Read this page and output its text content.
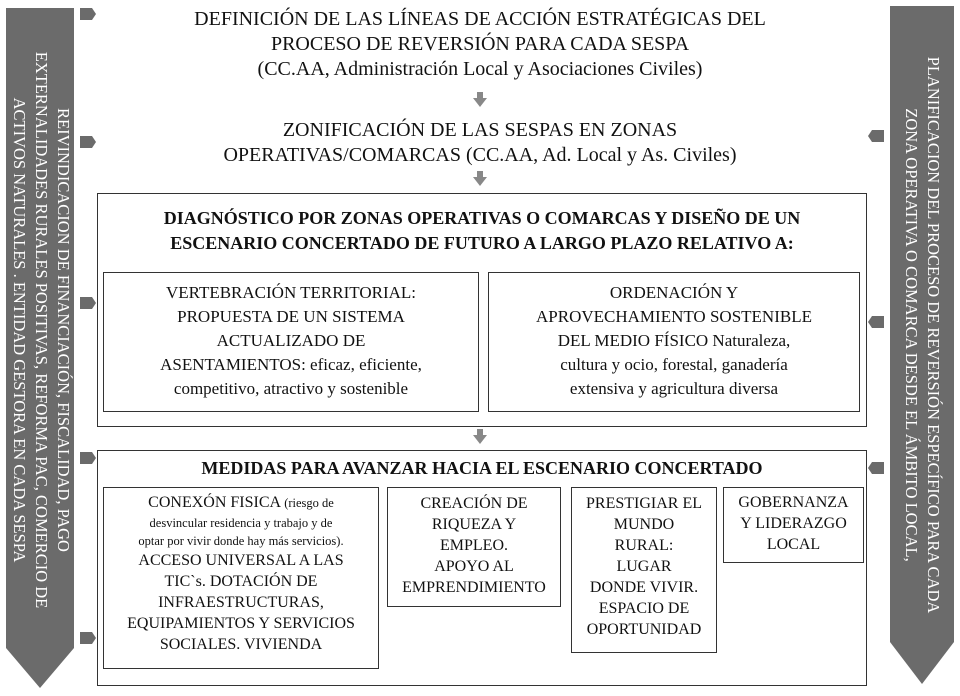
REIVINDICACION DE FINANCIACIÓN, FISCALIDAD, PAGO
EXTERNALIDADES RURALES POSITIVAS, REFORMA PAC, COMERCIO DE
ACTIVOS NATURALES . ENTIDAD GESTORA EN CADA SESPA	PLANIFICACION DEL PROCESO DE REVERSIÓN ESPECÍFICO PARA CADA
ZONA OPERATIVA O COMARCA DESDE EL ÁMBITO LOCAL,
DEFINICIÓN DE LAS LÍNEAS DE ACCIÓN ESTRATÉGICAS DEL
PROCESO DE REVERSIÓN PARA CADA SESPA
(CC.AA, Administración Local y Asociaciones Civiles)
ZONIFICACIÓN DE LAS SESPAS EN ZONAS
OPERATIVAS/COMARCAS (CC.AA, Ad. Local y As. Civiles)
DIAGNÓSTICO POR ZONAS OPERATIVAS O COMARCAS Y DISEÑO DE UN
ESCENARIO CONCERTADO DE FUTURO A LARGO PLAZO RELATIVO A:
VERTEBRACIÓN TERRITORIAL:
PROPUESTA DE UN SISTEMA
ACTUALIZADO DE
ASENTAMIENTOS: eficaz, eficiente,
competitivo, atractivo y sostenible
ORDENACIÓN Y
APROVECHAMIENTO SOSTENIBLE
DEL MEDIO FÍSICO Naturaleza,
cultura y ocio, forestal, ganadería
extensiva y agricultura diversa
MEDIDAS PARA AVANZAR HACIA EL ESCENARIO CONCERTADO
CONEXÓN FISICA (riesgo de
desvincular residencia y trabajo y de
optar por vivir donde hay más servicios).
ACCESO UNIVERSAL A LAS
TIC`s. DOTACIÓN DE
INFRAESTRUCTURAS,
EQUIPAMIENTOS Y SERVICIOS
SOCIALES. VIVIENDA
CREACIÓN DE
RIQUEZA Y
EMPLEO.
APOYO AL
EMPRENDIMIENTO
PRESTIGIAR EL
MUNDO
RURAL:
LUGAR
DONDE VIVIR.
ESPACIO DE
OPORTUNIDAD
GOBERNANZA
Y LIDERAZGO
LOCAL
